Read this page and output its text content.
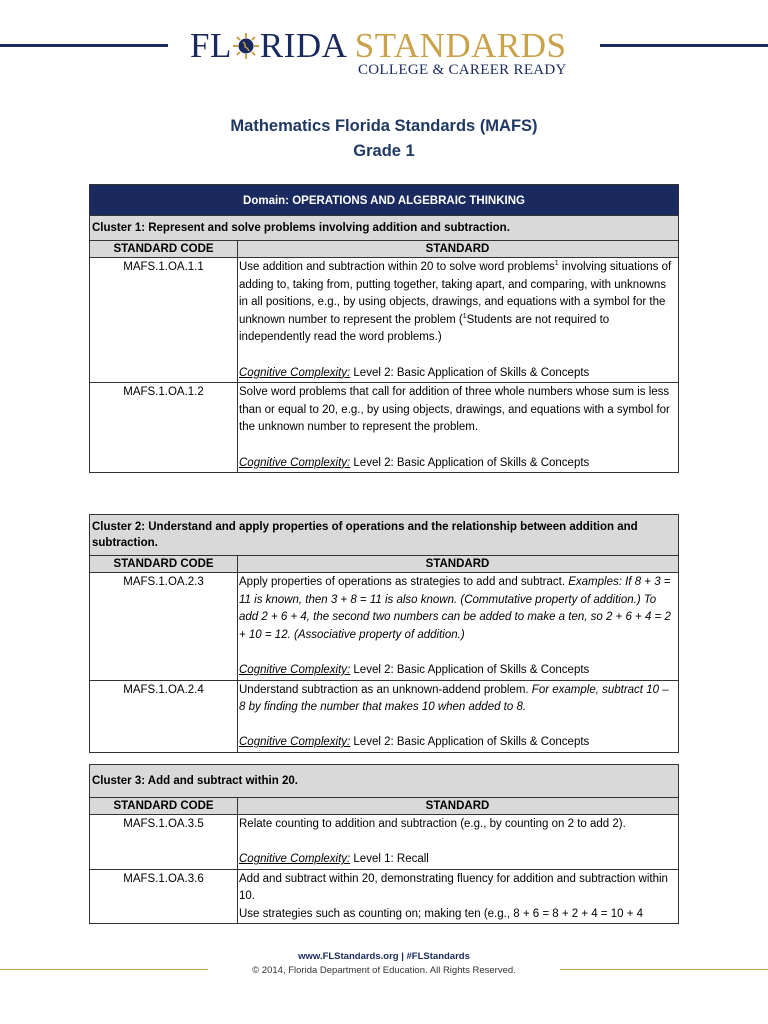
FL RIDA STANDARDS
COLLEGE & CAREER READY
Mathematics Florida Standards (MAFS)
Grade 1
Domain: OPERATIONS AND ALGEBRAIC THINKING
Cluster 1: Represent and solve problems involving addition and subtraction.
STANDARD CODE	STANDARD
MAFS.1.OA.1.1	Use addition and subtraction within 20 to solve word problems$^1$ involving situations of adding to, taking from, putting together, taking apart, and comparing, with unknowns in all positions, e.g., by using objects, drawings, and equations with a symbol for the unknown number to represent the problem ($^1$Students are not required to independently read the word problems.)
Cognitive Complexity: Level 2: Basic Application of Skills & Concepts
MAFS.1.OA.1.2	Solve word problems that call for addition of three whole numbers whose sum is less than or equal to 20, e.g., by using objects, drawings, and equations with a symbol for the unknown number to represent the problem.
Cognitive Complexity: Level 2: Basic Application of Skills & Concepts
Cluster 2: Understand and apply properties of operations and the relationship between addition and subtraction.
STANDARD CODE	STANDARD
MAFS.1.OA.2.3	Apply properties of operations as strategies to add and subtract. Examples: If 8 + 3 = 11 is known, then 3 + 8 = 11 is also known. (Commutative property of addition.) To add 2 + 6 + 4, the second two numbers can be added to make a ten, so 2 + 6 + 4 = 2 + 10 = 12. (Associative property of addition.)
Cognitive Complexity: Level 2: Basic Application of Skills & Concepts
MAFS.1.OA.2.4	Understand subtraction as an unknown-addend problem. For example, subtract 10 – 8 by finding the number that makes 10 when added to 8.
Cognitive Complexity: Level 2: Basic Application of Skills & Concepts
Cluster 3: Add and subtract within 20.
STANDARD CODE	STANDARD
MAFS.1.OA.3.5	Relate counting to addition and subtraction (e.g., by counting on 2 to add 2).
Cognitive Complexity: Level 1: Recall
MAFS.1.OA.3.6	Add and subtract within 20, demonstrating fluency for addition and subtraction within 10.
Use strategies such as counting on; making ten (e.g., 8 + 6 = 8 + 2 + 4 = 10 + 4
www.FLStandards.org | #FLStandards
© 2014, Florida Department of Education. All Rights Reserved.
